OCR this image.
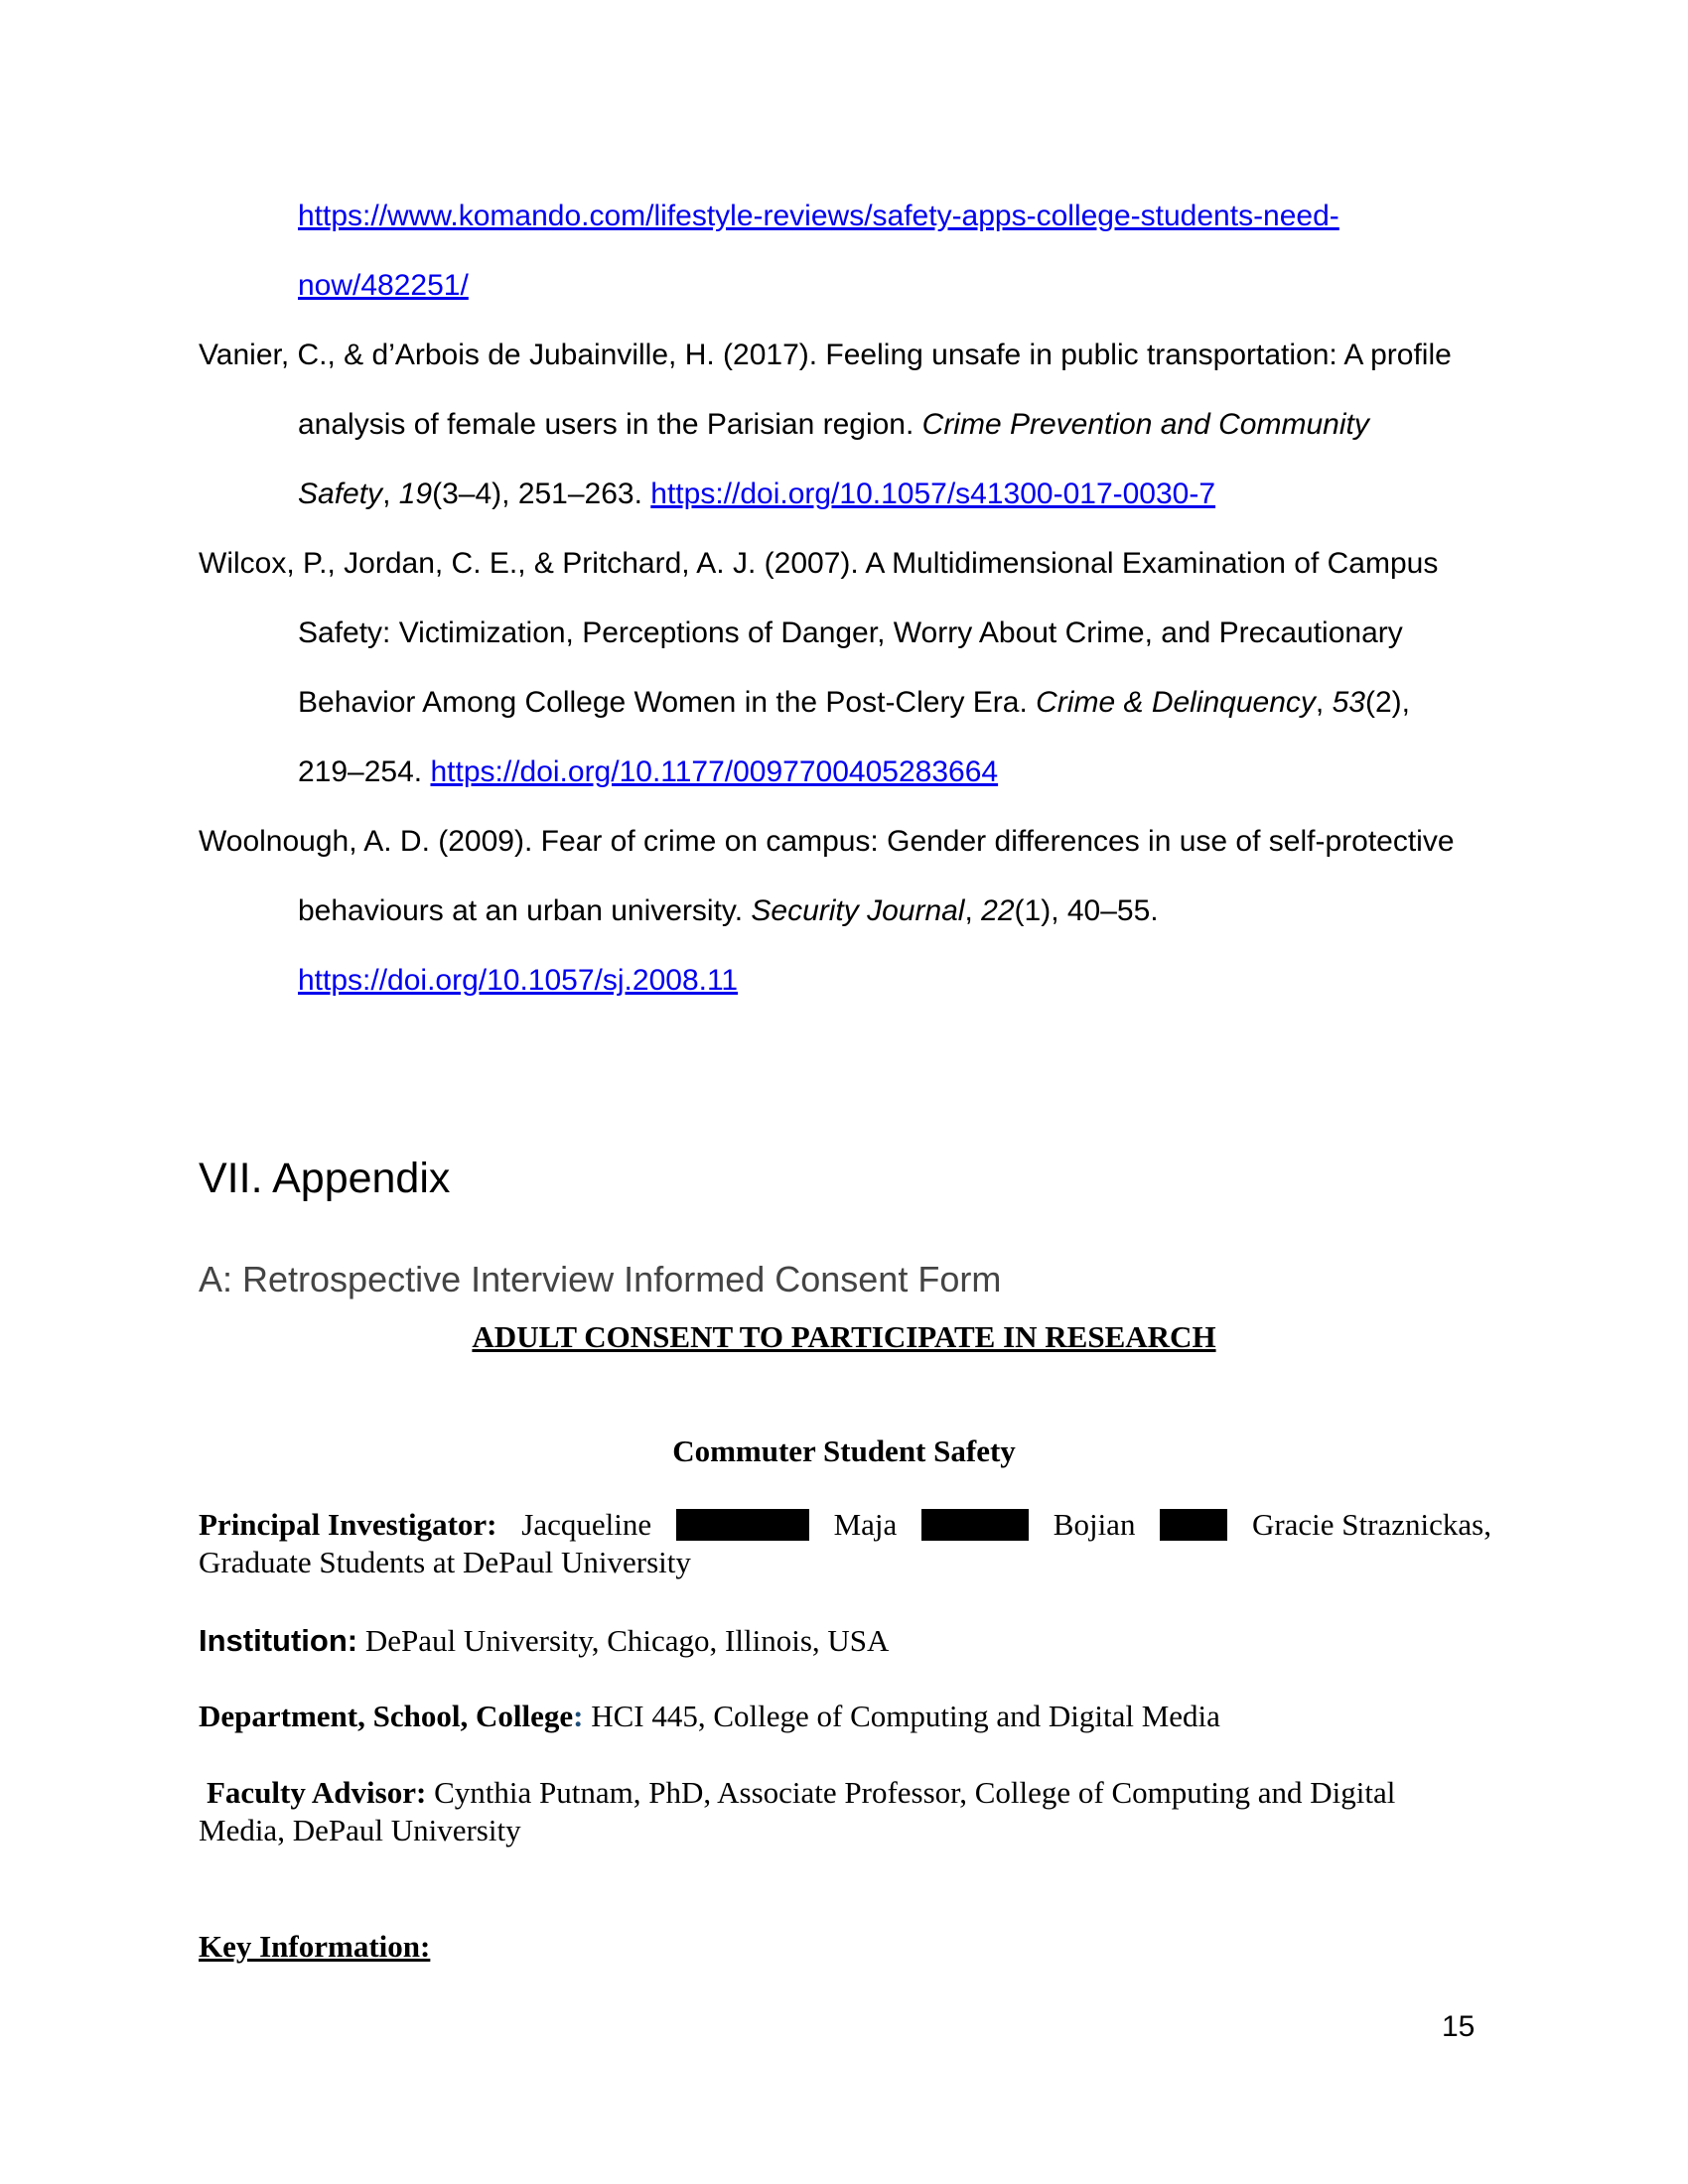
https://www.komando.com/lifestyle-reviews/safety-apps-college-students-need-
now/482251/
Vanier, C., & d’Arbois de Jubainville, H. (2017). Feeling unsafe in public transportation: A profile
analysis of female users in the Parisian region. Crime Prevention and Community
Safety, 19(3–4), 251–263. https://doi.org/10.1057/s41300-017-0030-7
Wilcox, P., Jordan, C. E., & Pritchard, A. J. (2007). A Multidimensional Examination of Campus
Safety: Victimization, Perceptions of Danger, Worry About Crime, and Precautionary
Behavior Among College Women in the Post-Clery Era. Crime & Delinquency, 53(2),
219–254. https://doi.org/10.1177/0097700405283664
Woolnough, A. D. (2009). Fear of crime on campus: Gender differences in use of self-protective
behaviours at an urban university. Security Journal, 22(1), 40–55.
https://doi.org/10.1057/sj.2008.11
VII. Appendix
A: Retrospective Interview Informed Consent Form
ADULT CONSENT TO PARTICIPATE IN RESEARCH
Commuter Student Safety
Principal Investigator: Jacqueline	Maja	Bojian	Gracie Straznickas,
Graduate Students at DePaul University
Institution: DePaul University, Chicago, Illinois, USA
Department, School, College: HCI 445, College of Computing and Digital Media
Faculty Advisor: Cynthia Putnam, PhD, Associate Professor, College of Computing and Digital
Media, DePaul University
Key Information:
15
